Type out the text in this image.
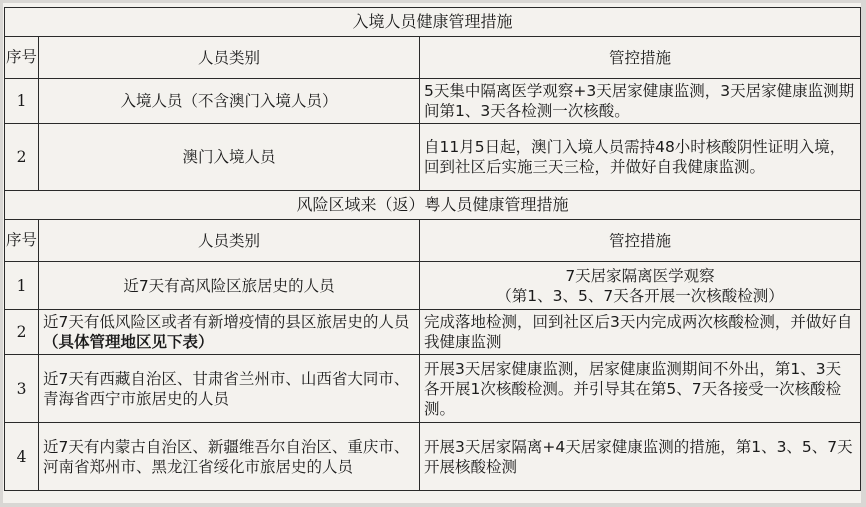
入境人员健康管理措施		
序号	人员类别	管控措施
1	入境人员（不含澳门入境人员）	5天集中隔离医学观察+3天居家健康监测，3天居家健康监测期间第1、3天各检测一次核酸。
2	澳门入境人员	自11月5日起，澳门入境人员需持48小时核酸阴性证明入境，回到社区后实施三天三检，并做好自我健康监测。
风险区域来（返）粤人员健康管理措施		
序号	人员类别	管控措施
1	近7天有高风险区旅居史的人员	7天居家隔离医学观察
（第1、3、5、7天各开展一次核酸检测）

2	近7天有低风险区或者有新增疫情的县区旅居史的人员（具体管理地区见下表）	完成落地检测，回到社区后3天内完成两次核酸检测，并做好自我健康监测
3	近7天有西藏自治区、甘肃省兰州市、山西省大同市、青海省西宁市旅居史的人员	开展3天居家健康监测，居家健康监测期间不外出，第1、3天各开展1次核酸检测。并引导其在第5、7天各接受一次核酸检测。
4	近7天有内蒙古自治区、新疆维吾尔自治区、重庆市、河南省郑州市、黑龙江省绥化市旅居史的人员	开展3天居家隔离+4天居家健康监测的措施，第1、3、5、7天开展核酸检测
